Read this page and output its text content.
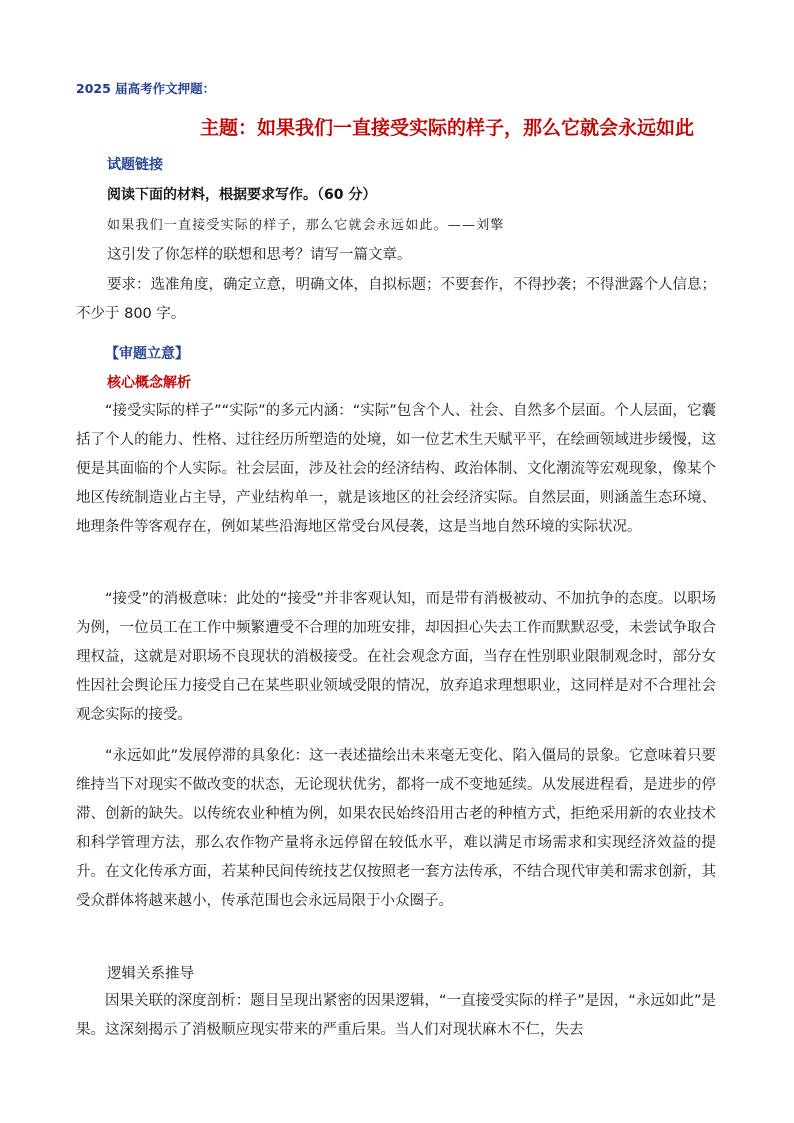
2025 届高考作文押题：
主题：如果我们一直接受实际的样子，那么它就会永远如此
试题链接
阅读下面的材料，根据要求写作。（60 分）
如果我们一直接受实际的样子，那么它就会永远如此。——刘擎
这引发了你怎样的联想和思考？请写一篇文章。

要求：选准角度，确定立意，明确文体，自拟标题；不要套作，不得抄袭；不得泄露个人信息；不少于 800 字。

【审题立意】
核心概念解析

“接受实际的样子”“实际”的多元内涵：“实际”包含个人、社会、自然多个层面。个人层面，它囊括了个人的能力、性格、过往经历所塑造的处境，如一位艺术生天赋平平，在绘画领域进步缓慢，这便是其面临的个人实际。社会层面，涉及社会的经济结构、政治体制、文化潮流等宏观现象，像某个地区传统制造业占主导，产业结构单一，就是该地区的社会经济实际。自然层面，则涵盖生态环境、地理条件等客观存在，例如某些沿海地区常受台风侵袭，这是当地自然环境的实际状况。

“接受”的消极意味：此处的“接受”并非客观认知，而是带有消极被动、不加抗争的态度。以职场为例，一位员工在工作中频繁遭受不合理的加班安排，却因担心失去工作而默默忍受，未尝试争取合理权益，这就是对职场不良现状的消极接受。在社会观念方面，当存在性别职业限制观念时，部分女性因社会舆论压力接受自己在某些职业领域受限的情况，放弃追求理想职业，这同样是对不合理社会观念实际的接受。

“永远如此”发展停滞的具象化：这一表述描绘出未来毫无变化、陷入僵局的景象。它意味着只要维持当下对现实不做改变的状态，无论现状优劣，都将一成不变地延续。从发展进程看，是进步的停滞、创新的缺失。以传统农业种植为例，如果农民始终沿用古老的种植方式，拒绝采用新的农业技术和科学管理方法，那么农作物产量将永远停留在较低水平，难以满足市场需求和实现经济效益的提升。在文化传承方面，若某种民间传统技艺仅按照老一套方法传承，不结合现代审美和需求创新，其受众群体将越来越小，传承范围也会永远局限于小众圈子。

逻辑关系推导

因果关联的深度剖析：题目呈现出紧密的因果逻辑，“一直接受实际的样子”是因，“永远如此”是果。这深刻揭示了消极顺应现实带来的严重后果。当人们对现状麻木不仁，失去
